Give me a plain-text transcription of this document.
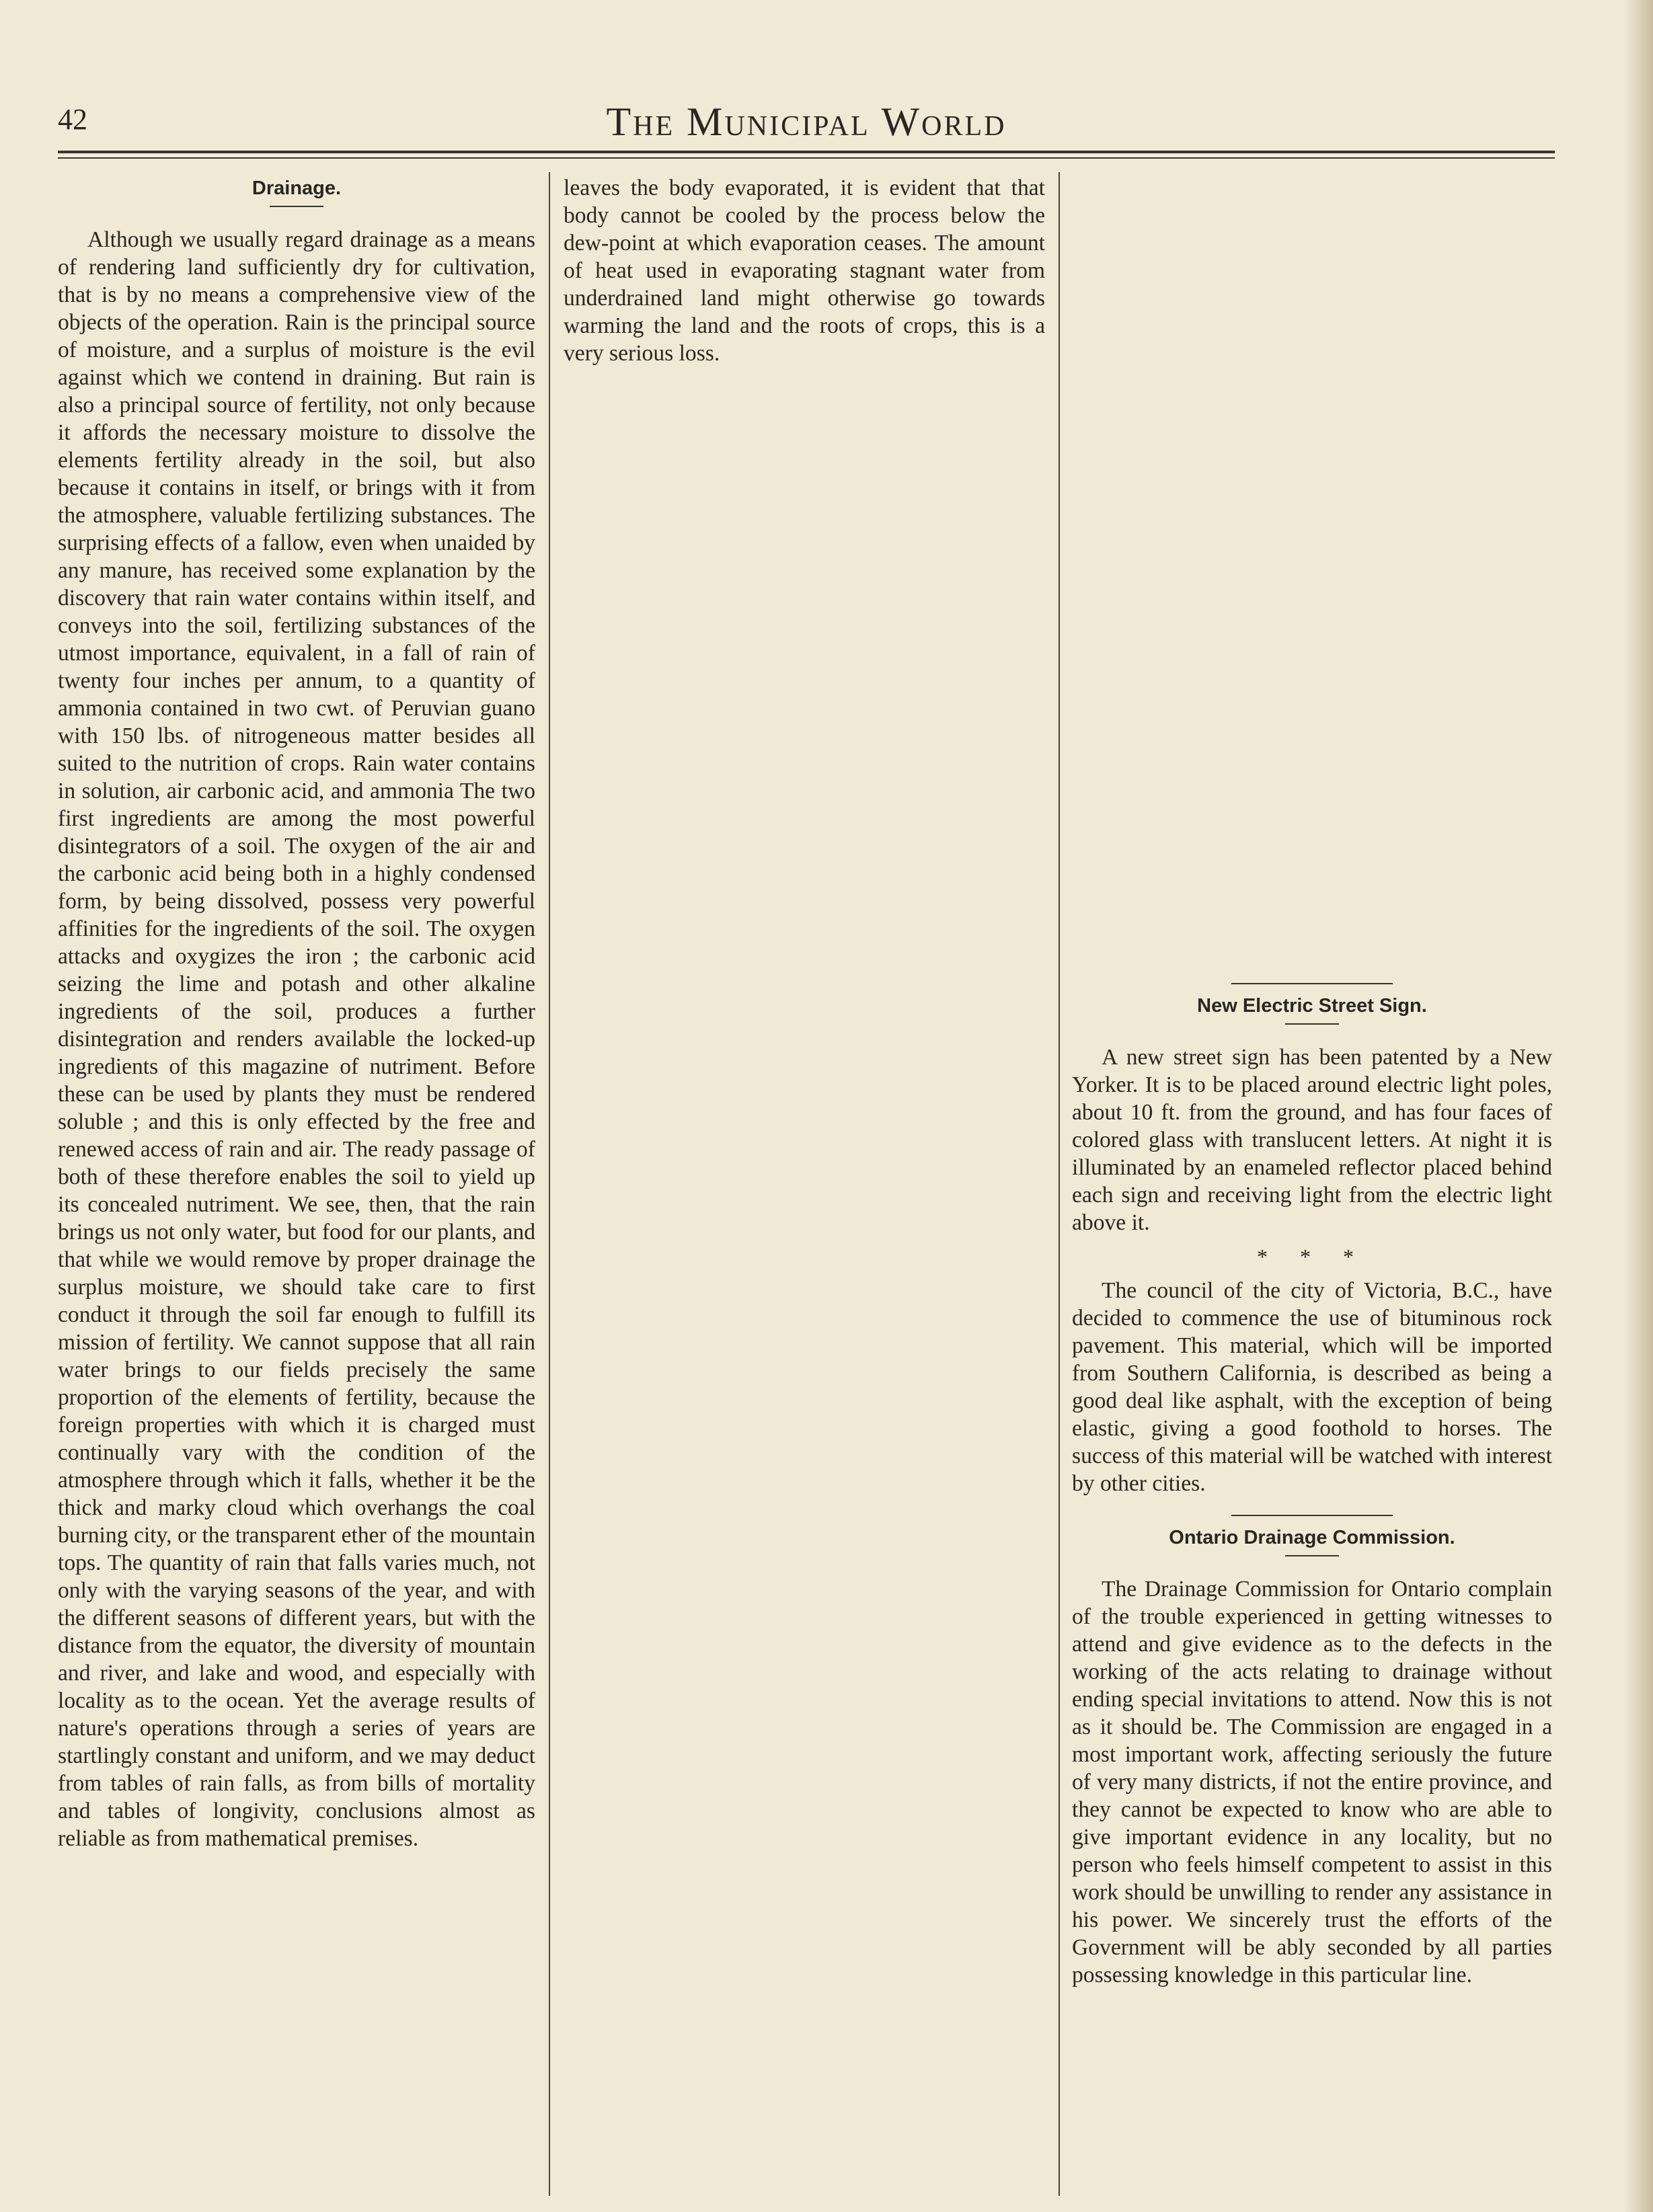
42	The Municipal World
Drainage.

Although we usually regard drainage as a means of rendering land sufficiently dry for cultivation, that is by no means a comprehensive view of the objects of the operation. Rain is the principal source of moisture, and a surplus of moisture is the evil against which we contend in draining. But rain is also a principal source of fertility, not only because it affords the necessary moisture to dissolve the elements fertility already in the soil, but also because it contains in itself, or brings with it from the atmosphere, valuable fertilizing substances. The surprising effects of a fallow, even when unaided by any manure, has received some explanation by the discovery that rain water contains within itself, and conveys into the soil, fertilizing substances of the utmost importance, equivalent, in a fall of rain of twenty four inches per annum, to a quantity of ammonia contained in two cwt. of Peruvian guano with 150 lbs. of nitrogeneous matter besides all suited to the nutrition of crops. Rain water contains in solution, air carbonic acid, and ammonia The two first ingredients are among the most powerful disintegrators of a soil. The oxygen of the air and the carbonic acid being both in a highly condensed form, by being dissolved, possess very powerful affinities for the ingredients of the soil. The oxygen attacks and oxygizes the iron ; the carbonic acid seizing the lime and potash and other alkaline ingredients of the soil, produces a further disintegration and renders available the locked-up ingredients of this magazine of nutriment. Before these can be used by plants they must be rendered soluble ; and this is only effected by the free and renewed access of rain and air. The ready passage of both of these therefore enables the soil to yield up its concealed nutriment. We see, then, that the rain brings us not only water, but food for our plants, and that while we would remove by proper drainage the surplus moisture, we should take care to first conduct it through the soil far enough to fulfill its mission of fertility. We cannot suppose that all rain water brings to our fields precisely the same proportion of the elements of fertility, because the foreign properties with which it is charged must continually vary with the condition of the atmosphere through which it falls, whether it be the thick and marky cloud which overhangs the coal burning city, or the transparent ether of the mountain tops. The quantity of rain that falls varies much, not only with the varying seasons of the year, and with the different seasons of different years, but with the distance from the equator, the diversity of mountain and river, and lake and wood, and especially with locality as to the ocean. Yet the average results of nature's operations through a series of years are startlingly constant and uniform, and we may deduct from tables of rain falls, as from bills of mortality and tables of longivity, conclusions almost as reliable as from mathematical premises.

leaves the body evaporated, it is evident that that body cannot be cooled by the process below the dew-point at which evaporation ceases. The amount of heat used in evaporating stagnant water from underdrained land might otherwise go towards warming the land and the roots of crops, this is a very serious loss.

New Electric Street Sign.

A new street sign has been patented by a New Yorker. It is to be placed around electric light poles, about 10 ft. from the ground, and has four faces of colored glass with translucent letters. At night it is illuminated by an enameled reflector placed behind each sign and receiving light from the electric light above it.

* * *

The council of the city of Victoria, B.C., have decided to commence the use of bituminous rock pavement. This material, which will be imported from Southern California, is described as being a good deal like asphalt, with the exception of being elastic, giving a good foothold to horses. The success of this material will be watched with interest by other cities.

Ontario Drainage Commission.

The Drainage Commission for Ontario complain of the trouble experienced in getting witnesses to attend and give evidence as to the defects in the working of the acts relating to drainage without ending special invitations to attend. Now this is not as it should be. The Commission are engaged in a most important work, affecting seriously the future of very many districts, if not the entire province, and they cannot be expected to know who are able to give important evidence in any locality, but no person who feels himself competent to assist in this work should be unwilling to render any assistance in his power. We sincerely trust the efforts of the Government will be ably seconded by all parties possessing knowledge in this particular line.
